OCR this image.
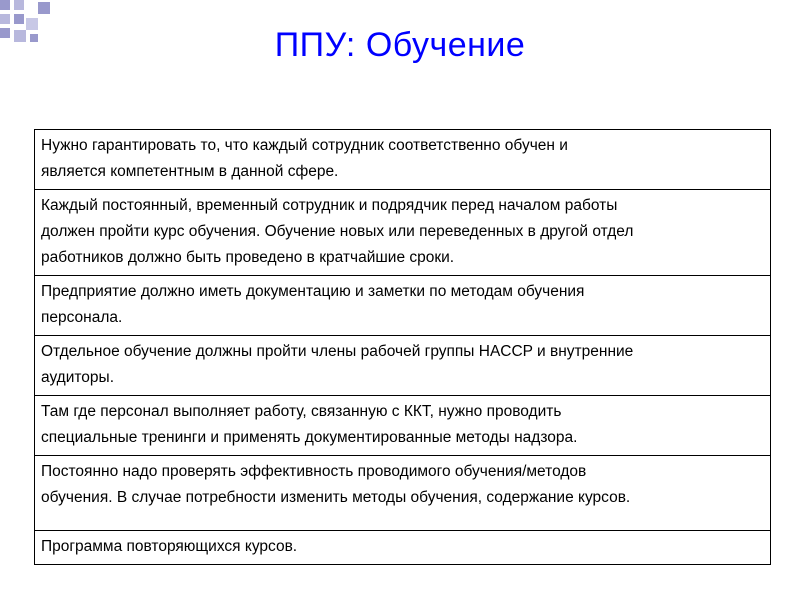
ППУ: Обучение
Нужно гарантировать то, что каждый сотрудник соответственно обучен и
является компетентным в данной сфере.
Каждый постоянный, временный сотрудник и подрядчик перед началом работы
должен пройти курс обучения. Обучение новых или переведенных в другой отдел
работников должно быть проведено в кратчайшие сроки.
Предприятие должно иметь документацию и заметки по методам обучения
персонала.
Отдельное обучение должны пройти члены рабочей группы HACCP и внутренние
аудиторы.
Там где персонал выполняет работу, связанную с ККТ, нужно проводить
специальные тренинги и применять документированные методы надзора.
Постоянно надо проверять эффективность проводимого обучения/методов
обучения. В случае потребности изменить методы обучения, содержание курсов.
Программа повторяющихся курсов.
